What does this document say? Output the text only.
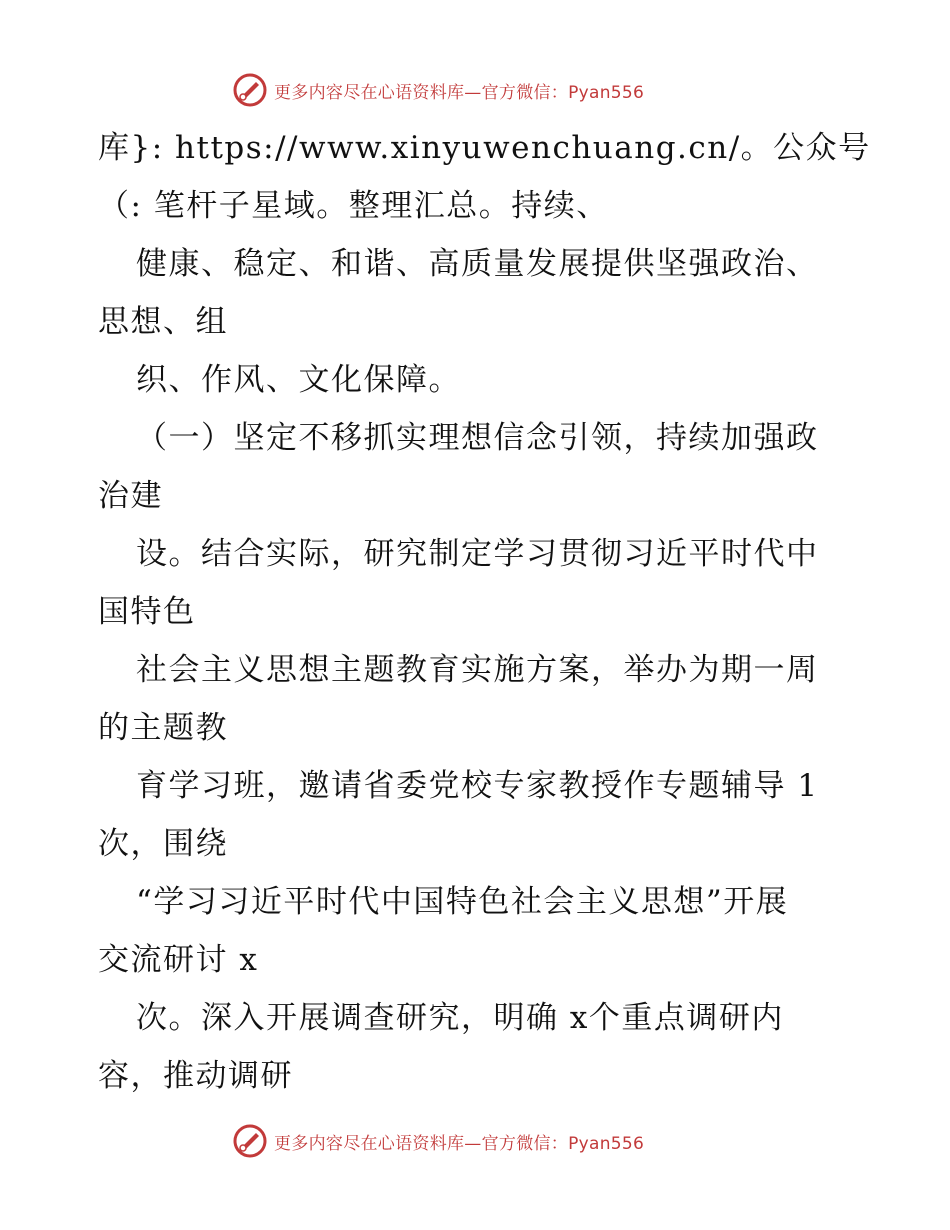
更多内容尽在心语资料库—官方微信：Pyan556
库}: https://www.xinyuwenchuang.cn/。公众号
（: 笔杆子星域。整理汇总。持续、
健康、稳定、和谐、高质量发展提供坚强政治、
思想、组
织、作风、文化保障。
（一）坚定不移抓实理想信念引领，持续加强政
治建
设。结合实际，研究制定学习贯彻习近平时代中
国特色
社会主义思想主题教育实施方案，举办为期一周
的主题教
育学习班，邀请省委党校专家教授作专题辅导 1
次，围绕
“学习习近平时代中国特色社会主义思想”开展
交流研讨 x
次。深入开展调查研究，明确 x个重点调研内
容，推动调研
更多内容尽在心语资料库—官方微信：Pyan556
